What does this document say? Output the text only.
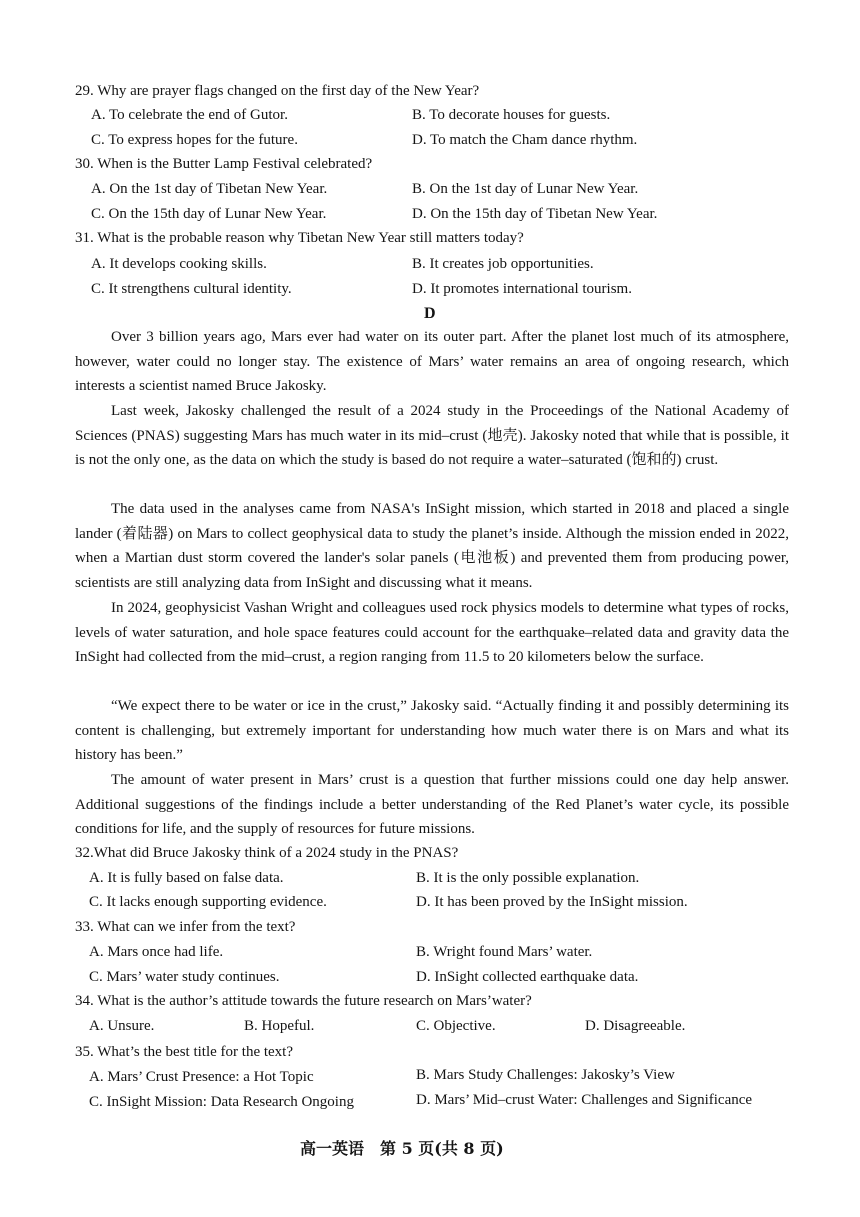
29. Why are prayer flags changed on the first day of the New Year?
A. To celebrate the end of Gutor.	B. To decorate houses for guests.
C. To express hopes for the future.	D. To match the Cham dance rhythm.
30. When is the Butter Lamp Festival celebrated?
A. On the 1st day of Tibetan New Year.	B. On the 1st day of Lunar New Year.
C. On the 15th day of Lunar New Year.	D. On the 15th day of Tibetan New Year.
31. What is the probable reason why Tibetan New Year still matters today?
A. It develops cooking skills.	B. It creates job opportunities.
C. It strengthens cultural identity.	D. It promotes international tourism.
D
Over 3 billion years ago, Mars ever had water on its outer part. After the planet lost much of its atmosphere, however, water could no longer stay. The existence of Mars’ water remains an area of ongoing research, which interests a scientist named Bruce Jakosky.
Last week, Jakosky challenged the result of a 2024 study in the Proceedings of the National Academy of Sciences (PNAS) suggesting Mars has much water in its mid–crust (地壳). Jakosky noted that while that is possible, it is not the only one, as the data on which the study is based do not require a water–saturated (饱和的) crust.
The data used in the analyses came from NASA's InSight mission, which started in 2018 and placed a single lander (着陆器) on Mars to collect geophysical data to study the planet’s inside. Although the mission ended in 2022, when a Martian dust storm covered the lander's solar panels (电池板) and prevented them from producing power, scientists are still analyzing data from InSight and discussing what it means.
In 2024, geophysicist Vashan Wright and colleagues used rock physics models to determine what types of rocks, levels of water saturation, and hole space features could account for the earthquake–related data and gravity data the InSight had collected from the mid–crust, a region ranging from 11.5 to 20 kilometers below the surface.
“We expect there to be water or ice in the crust,” Jakosky said. “Actually finding it and possibly determining its content is challenging, but extremely important for understanding how much water there is on Mars and what its history has been.”
The amount of water present in Mars’ crust is a question that further missions could one day help answer. Additional suggestions of the findings include a better understanding of the Red Planet’s water cycle, its possible conditions for life, and the supply of resources for future missions.
32.What did Bruce Jakosky think of a 2024 study in the PNAS?
A. It is fully based on false data.	B. It is the only possible explanation.
C. It lacks enough supporting evidence.	D. It has been proved by the InSight mission.
33. What can we infer from the text?
A. Mars once had life.	B. Wright found Mars’ water.
C. Mars’ water study continues.	D. InSight collected earthquake data.
34. What is the author’s attitude towards the future research on Mars’water?
A. Unsure.	B. Hopeful.	C. Objective.	D. Disagreeable.
35. What’s the best title for the text?
A. Mars’ Crust Presence: a Hot Topic	B. Mars Study Challenges: Jakosky’s View
C. InSight Mission: Data Research Ongoing	D. Mars’ Mid–crust Water: Challenges and Significance
高一英语　第 5 页(共 8 页)
